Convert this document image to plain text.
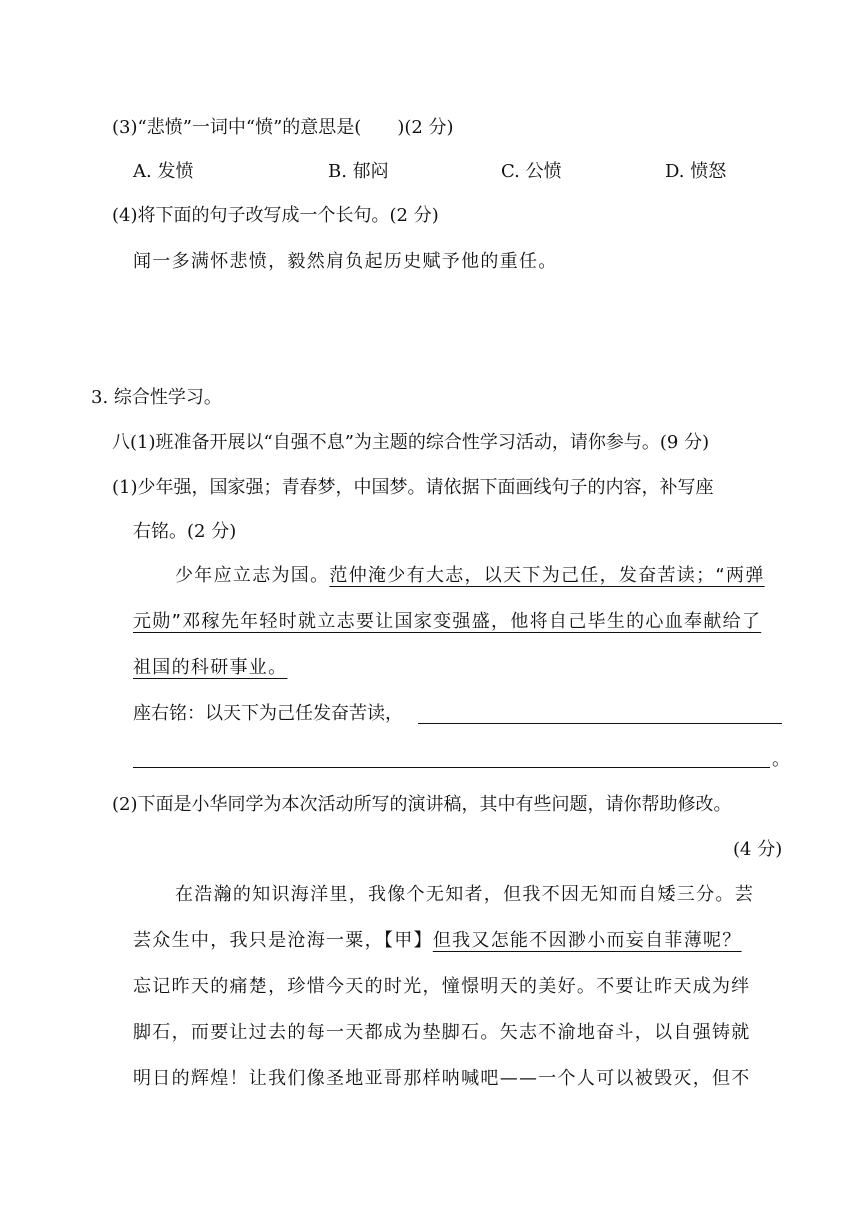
(3)“悲愤”一词中“愤”的意思是(　　)(2 分)
A. 发愤	B. 郁闷	C. 公愤	D. 愤怒
(4)将下面的句子改写成一个长句。(2 分)
闻一多满怀悲愤，毅然肩负起历史赋予他的重任。
3. 综合性学习。
八(1)班准备开展以“自强不息”为主题的综合性学习活动，请你参与。(9 分)
(1)少年强，国家强；青春梦，中国梦。请依据下面画线句子的内容，补写座
右铭。(2 分)
少年应立志为国。范仲淹少有大志，以天下为己任，发奋苦读；“两弹
元勋”邓稼先年轻时就立志要让国家变强盛，他将自己毕生的心血奉献给了
祖国的科研事业。
座右铭：以天下为己任发奋苦读，
。
(2)下面是小华同学为本次活动所写的演讲稿，其中有些问题，请你帮助修改。
(4 分)
在浩瀚的知识海洋里，我像个无知者，但我不因无知而自矮三分。芸
芸众生中，我只是沧海一粟，【甲】但我又怎能不因渺小而妄自菲薄呢？
忘记昨天的痛楚，珍惜今天的时光，憧憬明天的美好。不要让昨天成为绊
脚石，而要让过去的每一天都成为垫脚石。矢志不渝地奋斗，以自强铸就
明日的辉煌！让我们像圣地亚哥那样呐喊吧——一个人可以被毁灭，但不
